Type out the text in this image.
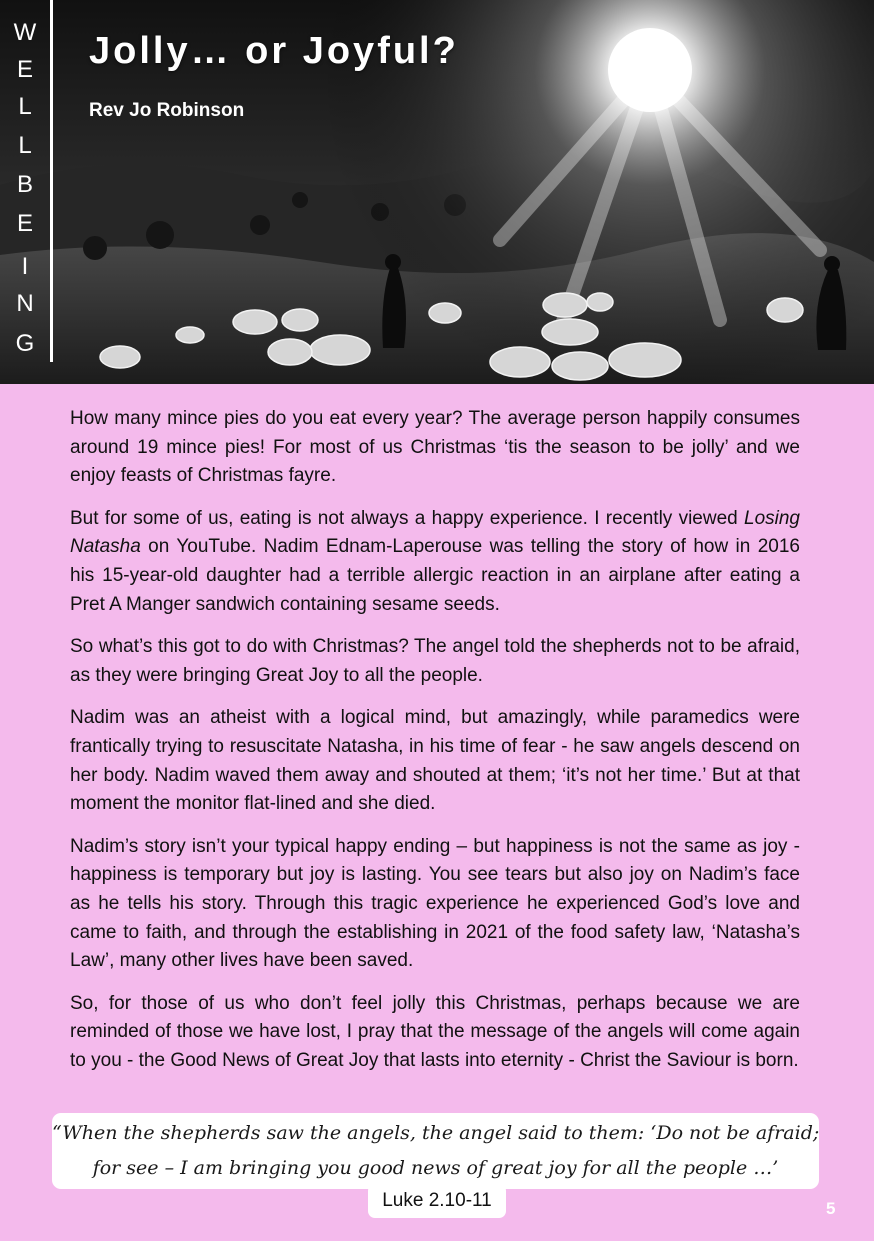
W
E
L
L
B
E
I
N
G
Jolly… or Joyful?

Rev Jo Robinson

How many mince pies do you eat every year? The average person happily consumes around 19 mince pies! For most of us Christmas ‘tis the season to be jolly’ and we enjoy feasts of Christmas fayre.

But for some of us, eating is not always a happy experience. I recently viewed Losing Natasha on YouTube. Nadim Ednam-Laperouse was telling the story of how in 2016 his 15-year-old daughter had a terrible allergic reaction in an airplane after eating a Pret A Manger sandwich containing sesame seeds.

So what’s this got to do with Christmas? The angel told the shepherds not to be afraid, as they were bringing Great Joy to all the people.

Nadim was an atheist with a logical mind, but amazingly, while paramedics were frantically trying to resuscitate Natasha, in his time of fear - he saw angels descend on her body. Nadim waved them away and shouted at them; ‘it’s not her time.’ But at that moment the monitor flat-lined and she died.

Nadim’s story isn’t your typical happy ending – but happiness is not the same as joy - happiness is temporary but joy is lasting. You see tears but also joy on Nadim’s face as he tells his story. Through this tragic experience he experienced God’s love and came to faith, and through the establishing in 2021 of the food safety law, ‘Natasha’s Law’, many other lives have been saved.

So, for those of us who don’t feel jolly this Christmas, perhaps because we are reminded of those we have lost, I pray that the message of the angels will come again to you - the Good News of Great Joy that lasts into eternity - Christ the Saviour is born.

“When the shepherds saw the angels, the angel said to them: ‘Do not be afraid;
for see – I am bringing you good news of great joy for all the people …’
Luke 2.10-11	5
